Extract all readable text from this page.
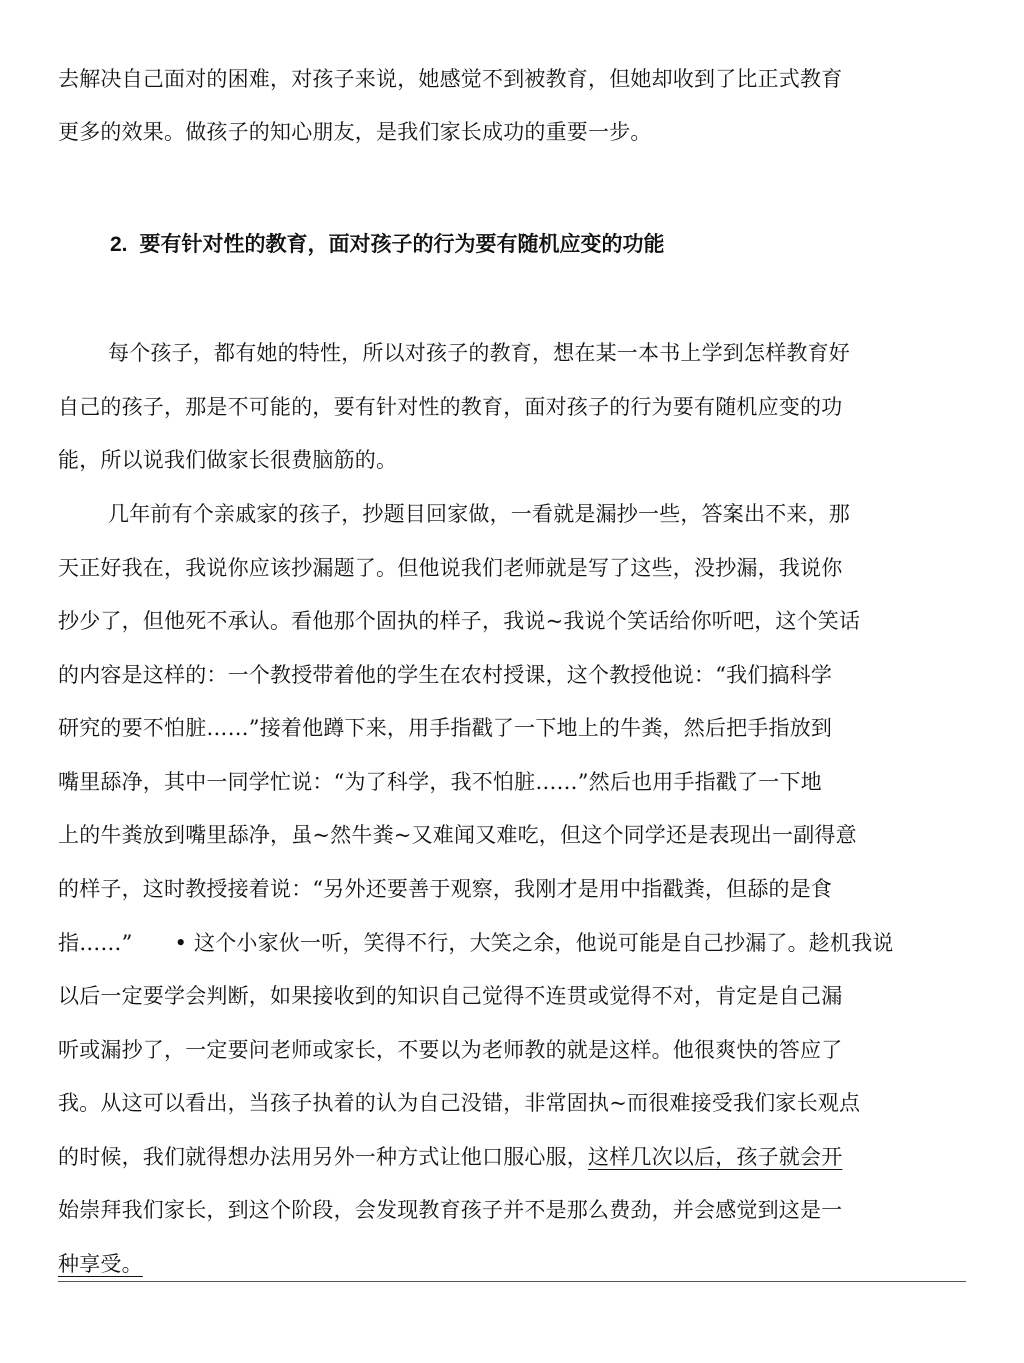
去解决自己面对的困难，对孩子来说，她感觉不到被教育，但她却收到了比正式教育
更多的效果。做孩子的知心朋友，是我们家长成功的重要一步。
2. 要有针对性的教育，面对孩子的行为要有随机应变的功能
每个孩子，都有她的特性，所以对孩子的教育，想在某一本书上学到怎样教育好
自己的孩子，那是不可能的，要有针对性的教育，面对孩子的行为要有随机应变的功
能，所以说我们做家长很费脑筋的。
几年前有个亲戚家的孩子，抄题目回家做，一看就是漏抄一些，答案出不来，那
天正好我在，我说你应该抄漏题了。但他说我们老师就是写了这些，没抄漏，我说你
抄少了，但他死不承认。看他那个固执的样子，我说~我说个笑话给你听吧，这个笑话
的内容是这样的：一个教授带着他的学生在农村授课，这个教授他说：“我们搞科学
研究的要不怕脏……”接着他蹲下来，用手指戳了一下地上的牛粪，然后把手指放到
嘴里舔净，其中一同学忙说：“为了科学，我不怕脏……”然后也用手指戳了一下地
上的牛粪放到嘴里舔净，虽~然牛粪~又难闻又难吃，但这个同学还是表现出一副得意
的样子，这时教授接着说：“另外还要善于观察，我刚才是用中指戳粪，但舔的是食
指……” • 这个小家伙一听，笑得不行，大笑之余，他说可能是自己抄漏了。趁机我说
以后一定要学会判断，如果接收到的知识自己觉得不连贯或觉得不对，肯定是自己漏
听或漏抄了，一定要问老师或家长，不要以为老师教的就是这样。他很爽快的答应了
我。从这可以看出，当孩子执着的认为自己没错，非常固执~而很难接受我们家长观点
的时候，我们就得想办法用另外一种方式让他口服心服，这样几次以后，孩子就会开
始崇拜我们家长，到这个阶段，会发现教育孩子并不是那么费劲，并会感觉到这是一
种享受。
